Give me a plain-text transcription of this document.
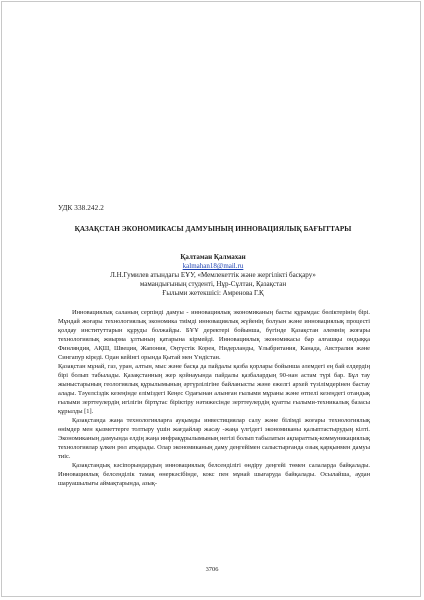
УДК 338.242.2
ҚАЗАҚСТАН ЭКОНОМИКАСЫ ДАМУЫНЫҢ ИННОВАЦИЯЛЫҚ БАҒЫТТАРЫ
Қалтаман Қалмахан
kalmahan18@mail.ru
Л.Н.Гумилев атындағы ЕҰУ, «Мемлекеттік және жергілікті басқару»
мамандығының студенті, Нұр-Сұлтан, Қазақстан
Ғылыми жетекшісі: Амренова Г.Қ

Инновациялық саланың серпінді дамуы - инновациялық экономиканың басты құрамдас бөліктерінің бірі. Мұндай жоғары технологиялық экономика тиімді инновациялық жүйенің болуын және инновациялық процесті қолдау институттарын құруды болжайды. БҰҰ деректері бойынша, бүгінде Қазақстан әлемнің жоғары технологиялық жиырма ұлтының қатарына кірмейді. Инновациялық экономикасы бар алғашқы ондыққа Финляндия, АҚШ, Швеция, Жапония, Оңтүстік Корея, Нидерланды, Ұлыбритания, Канада, Австралия және Сингапур кіреді. Одан кейінгі орында Қытай мен Үндістан.

Қазақстан мұнай, газ, уран, алтын, мыс және басқа да пайдалы қазба қорлары бойынша әлемдегі ең бай елдердің бірі болып табылады. Қазақстанның жер қойнауында пайдалы қазбалардың 90-нан астам түрі бар. Бұл тау жыныстарының геологиялық құрылымының әртүрлілігіне байланысты және ежелгі архей түзілімдерінен бастау алады. Тәуелсіздік кезеңінде еліміздегі Кеңес Одағынан алынған ғылыми мұраны және өтпелі кезеңдегі отандық ғылыми зерттеулердің игілігін біртұтас біріктіру нәтижесінде зерттеулердің қуатты ғылыми-техникалық базасы құрылды [1].

Қазақстанда жаңа технологияларға ауқымды инвестициялар салу және білімді жоғары технологиялық өнімдер мен қызметтерге толтыру үшін жағдайлар жасау -жаңа үлгідегі экономиканы қалыптастырудың кілті. Экономиканың дамуында елдің жаңа инфрақұрылымының негізі болып табылатын ақпараттық-коммуникациялық технологиялар ұлкен рөл атқарады. Олар экономиканың даму деңгейімен салыстырғанда озық қарқынмен дамуы тиіс.

Қазақстандық кәсіпорындардың инновациялық белсенділігі өндіру деңгейі төмен салаларда байқалады. Инновациялық белсенділік тамақ өнеркәсібінде, кокс пен мұнай шығаруда байқалады. Осылайша, аудан шаруашылығы аймақтарында, азық-

3706
